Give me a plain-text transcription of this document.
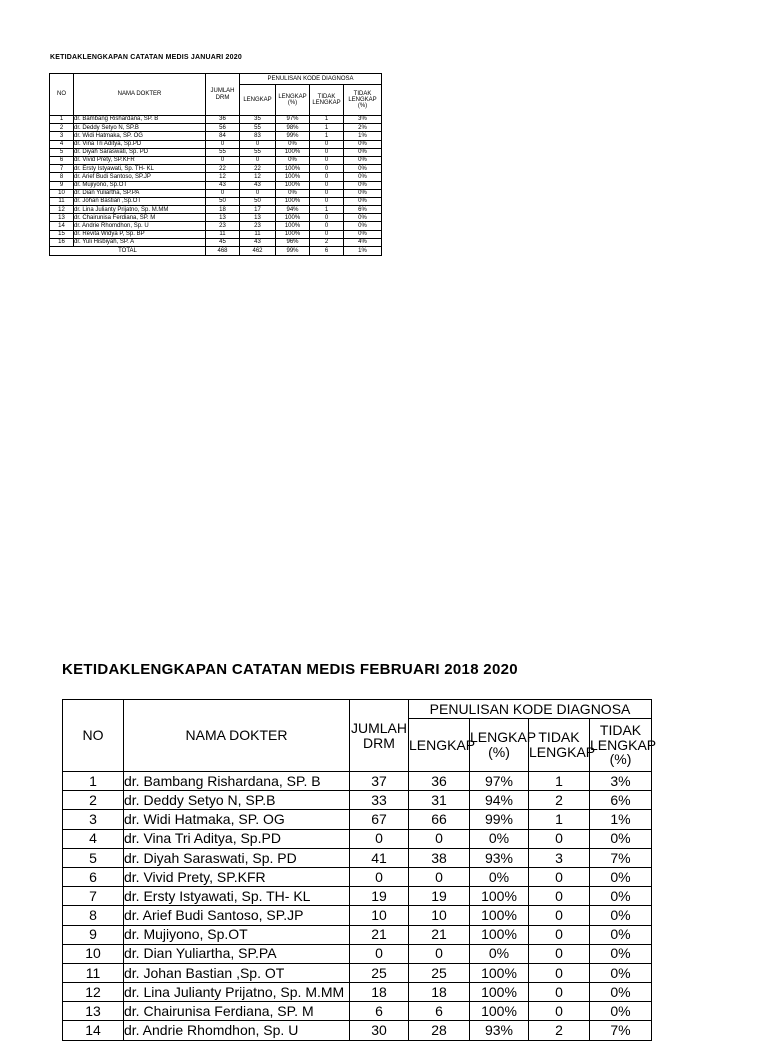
KETIDAKLENGKAPAN CATATAN MEDIS JANUARI 2020
NO	NAMA DOKTER	JUMLAH DRM	PENULISAN KODE DIAGNOSA			
			LENGKAP	LENGKAP (%)	TIDAK LENGKAP	TIDAK LENGKAP (%)
1	dr. Bambang Rishardana, SP. B	36	35	97%	1	3%
2	dr. Deddy Setyo N, SP.B	56	55	98%	1	2%
3	dr. Widi Hatmaka, SP. OG	84	83	99%	1	1%
4	dr. Vina Tri Aditya, Sp.PD	0	0	0%	0	0%
5	dr. Diyah Saraswati, Sp. PD	55	55	100%	0	0%
6	dr. Vivid Prety, SP.KFR	0	0	0%	0	0%
7	dr. Ersty Istyawati, Sp. TH- KL	22	22	100%	0	0%
8	dr. Arief Budi Santoso, SP.JP	12	12	100%	0	0%
9	dr. Mujiyono, Sp.OT	43	43	100%	0	0%
10	dr. Dian Yuliartha, SP.PA	0	0	0%	0	0%
11	dr. Johan Bastian ,Sp.OT	50	50	100%	0	0%
12	dr. Lina Julianty Prijatno, Sp. M.MM	18	17	94%	1	6%
13	dr. Chairunisa Ferdiana, SP. M	13	13	100%	0	0%
14	dr. Andrie Rhomdhon, Sp. U	23	23	100%	0	0%
15	dr. Revita Widya P, Sp. BP	11	11	100%	0	0%
16	dr. Yuli Hisbiyah, SP. A	45	43	96%	2	4%
TOTAL		468	462	99%	6	1%
KETIDAKLENGKAPAN CATATAN MEDIS FEBRUARI 2018 2020
NO	NAMA DOKTER	JUMLAH DRM	PENULISAN KODE DIAGNOSA			
			LENGKAP	LENGKAP (%)	TIDAK LENGKAP	TIDAK LENGKAP (%)
1	dr. Bambang Rishardana, SP. B	37	36	97%	1	3%
2	dr. Deddy Setyo N, SP.B	33	31	94%	2	6%
3	dr. Widi Hatmaka, SP. OG	67	66	99%	1	1%
4	dr. Vina Tri Aditya, Sp.PD	0	0	0%	0	0%
5	dr. Diyah Saraswati, Sp. PD	41	38	93%	3	7%
6	dr. Vivid Prety, SP.KFR	0	0	0%	0	0%
7	dr. Ersty Istyawati, Sp. TH- KL	19	19	100%	0	0%
8	dr. Arief Budi Santoso, SP.JP	10	10	100%	0	0%
9	dr. Mujiyono, Sp.OT	21	21	100%	0	0%
10	dr. Dian Yuliartha, SP.PA	0	0	0%	0	0%
11	dr. Johan Bastian ,Sp. OT	25	25	100%	0	0%
12	dr. Lina Julianty Prijatno, Sp. M.MM	18	18	100%	0	0%
13	dr. Chairunisa Ferdiana, SP. M	6	6	100%	0	0%
14	dr. Andrie Rhomdhon, Sp. U	30	28	93%	2	7%
